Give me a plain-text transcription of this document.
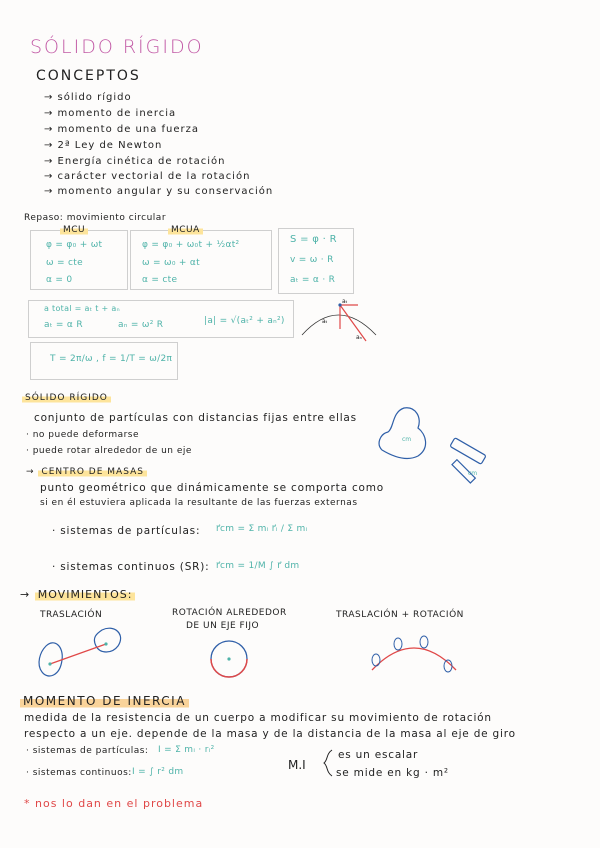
SÓLIDO RÍGIDO
CONCEPTOS
→ sólido rígido
→ momento de inercia
→ momento de una fuerza
→ 2ª Ley de Newton
→ Energía cinética de rotación
→ carácter vectorial de la rotación
→ momento angular y su conservación
Repaso: movimiento circular
MCU
φ = φ₀ + ωt
ω = cte
α = 0
MCUA
φ = φ₀ + ω₀t + ½αt²
ω = ω₀ + αt
α = cte
S = φ · R
v = ω · R
aₜ = α · R
a total = aₜ t + aₙ
aₜ = α R	aₙ = ω² R	|a| = √(aₜ² + aₙ²)
aₜ
aₜ
aₙ
T = 2π/ω , f = 1/T = ω/2π
SÓLIDO RÍGIDO
conjunto de partículas con distancias fijas entre ellas
· no puede deformarse
· puede rotar alrededor de un eje
cm
cm
→ CENTRO DE MASAS
punto geométrico que dinámicamente se comporta como
si en él estuviera aplicada la resultante de las fuerzas externas
· sistemas de partículas: r⃗cm = Σ mᵢ r⃗ᵢ / Σ mᵢ
· sistemas continuos (SR): r⃗cm = 1/M ∫ r⃗ dm
→ MOVIMIENTOS:
TRASLACIÓN	ROTACIÓN ALREDEDOR
DE UN EJE FIJO
TRASLACIÓN + ROTACIÓN
MOMENTO DE INERCIA
medida de la resistencia de un cuerpo a modificar su movimiento de rotación
respecto a un eje. depende de la masa y de la distancia de la masa al eje de giro
· sistemas de partículas: I = Σ mᵢ · rᵢ²
· sistemas continuos: I = ∫ r² dm	M.I
es un escalar
se mide en kg · m²
* nos lo dan en el problema
